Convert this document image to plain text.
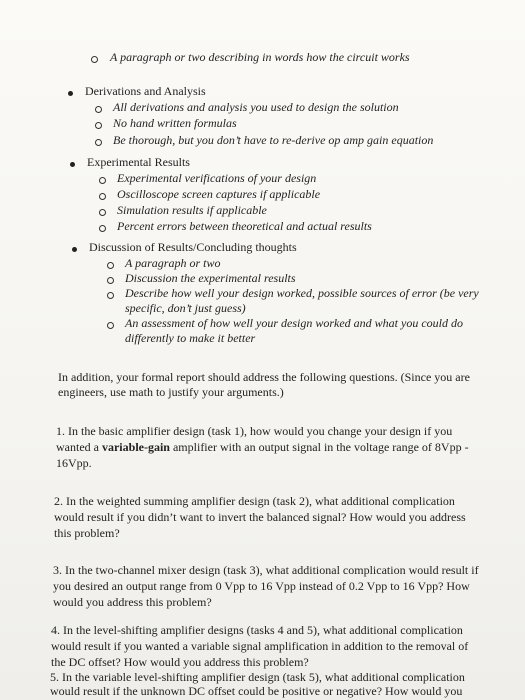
A paragraph or two describing in words how the circuit works
Derivations and Analysis
All derivations and analysis you used to design the solution
No hand written formulas
Be thorough, but you don’t have to re-derive op amp gain equation
Experimental Results
Experimental verifications of your design
Oscilloscope screen captures if applicable
Simulation results if applicable
Percent errors between theoretical and actual results
Discussion of Results/Concluding thoughts
A paragraph or two
Discussion the experimental results
Describe how well your design worked, possible sources of error (be very
specific, don’t just guess)
An assessment of how well your design worked and what you could do
differently to make it better
In addition, your formal report should address the following questions. (Since you are
engineers, use math to justify your arguments.)
1. In the basic amplifier design (task 1), how would you change your design if you
wanted a variable-gain amplifier with an output signal in the voltage range of 8Vpp -
16Vpp.
2. In the weighted summing amplifier design (task 2), what additional complication
would result if you didn’t want to invert the balanced signal? How would you address
this problem?
3. In the two-channel mixer design (task 3), what additional complication would result if
you desired an output range from 0 Vpp to 16 Vpp instead of 0.2 Vpp to 16 Vpp? How
would you address this problem?
4. In the level-shifting amplifier designs (tasks 4 and 5), what additional complication
would result if you wanted a variable signal amplification in addition to the removal of
the DC offset? How would you address this problem?
5. In the variable level-shifting amplifier design (task 5), what additional complication
would result if the unknown DC offset could be positive or negative? How would you
